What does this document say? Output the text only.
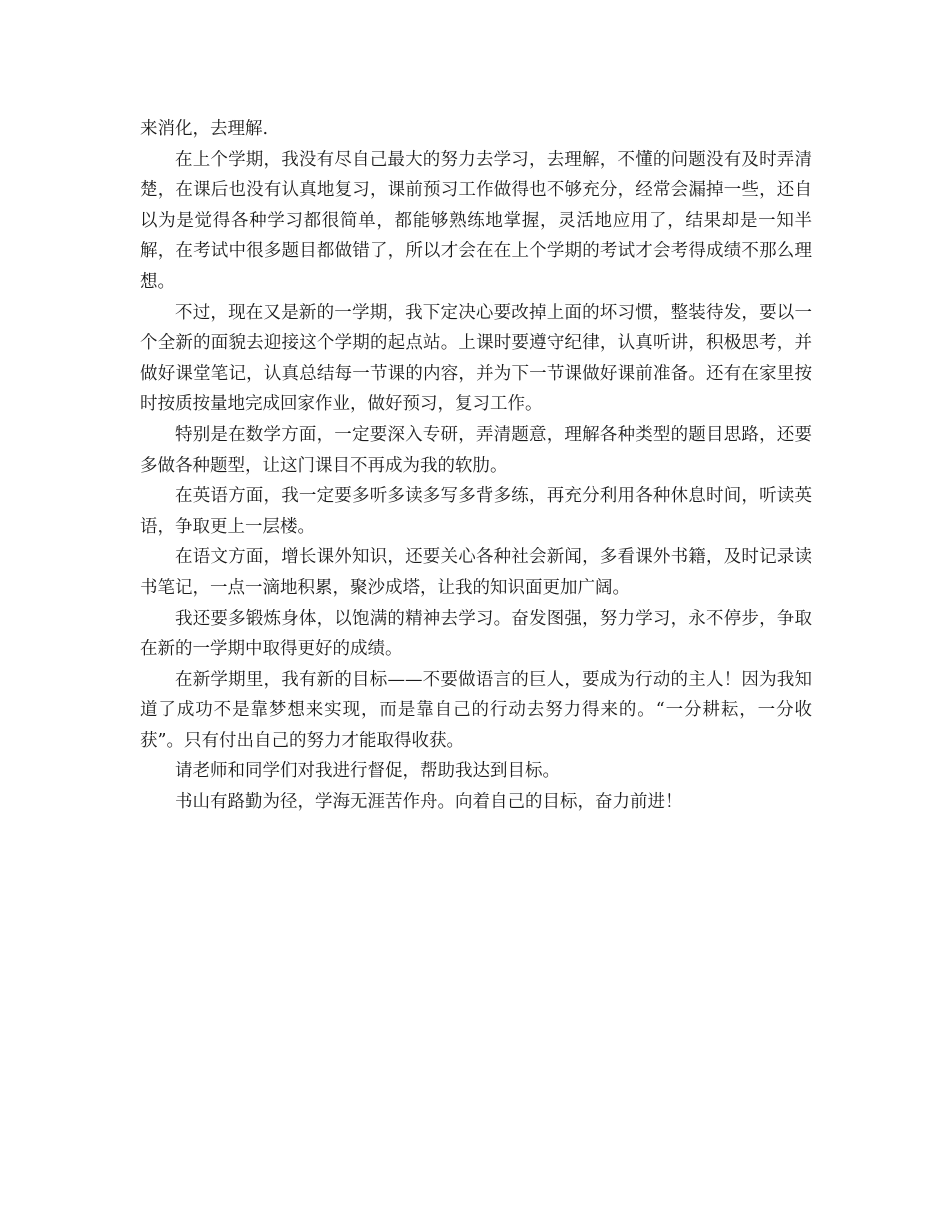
来消化，去理解.

在上个学期，我没有尽自己最大的努力去学习，去理解，不懂的问题没有及时弄清楚，在课后也没有认真地复习，课前预习工作做得也不够充分，经常会漏掉一些，还自以为是觉得各种学习都很简单，都能够熟练地掌握，灵活地应用了，结果却是一知半解，在考试中很多题目都做错了，所以才会在在上个学期的考试才会考得成绩不那么理想。

不过，现在又是新的一学期，我下定决心要改掉上面的坏习惯，整装待发，要以一个全新的面貌去迎接这个学期的起点站。上课时要遵守纪律，认真听讲，积极思考，并做好课堂笔记，认真总结每一节课的内容，并为下一节课做好课前准备。还有在家里按时按质按量地完成回家作业，做好预习，复习工作。

特别是在数学方面，一定要深入专研，弄清题意，理解各种类型的题目思路，还要多做各种题型，让这门课目不再成为我的软肋。

在英语方面，我一定要多听多读多写多背多练，再充分利用各种休息时间，听读英语，争取更上一层楼。

在语文方面，增长课外知识，还要关心各种社会新闻，多看课外书籍，及时记录读书笔记，一点一滴地积累，聚沙成塔，让我的知识面更加广阔。

我还要多锻炼身体，以饱满的精神去学习。奋发图强，努力学习，永不停步，争取在新的一学期中取得更好的成绩。

在新学期里，我有新的目标——不要做语言的巨人，要成为行动的主人！因为我知道了成功不是靠梦想来实现，而是靠自己的行动去努力得来的。“一分耕耘，一分收获”。只有付出自己的努力才能取得收获。

请老师和同学们对我进行督促，帮助我达到目标。

书山有路勤为径，学海无涯苦作舟。向着自己的目标，奋力前进！
